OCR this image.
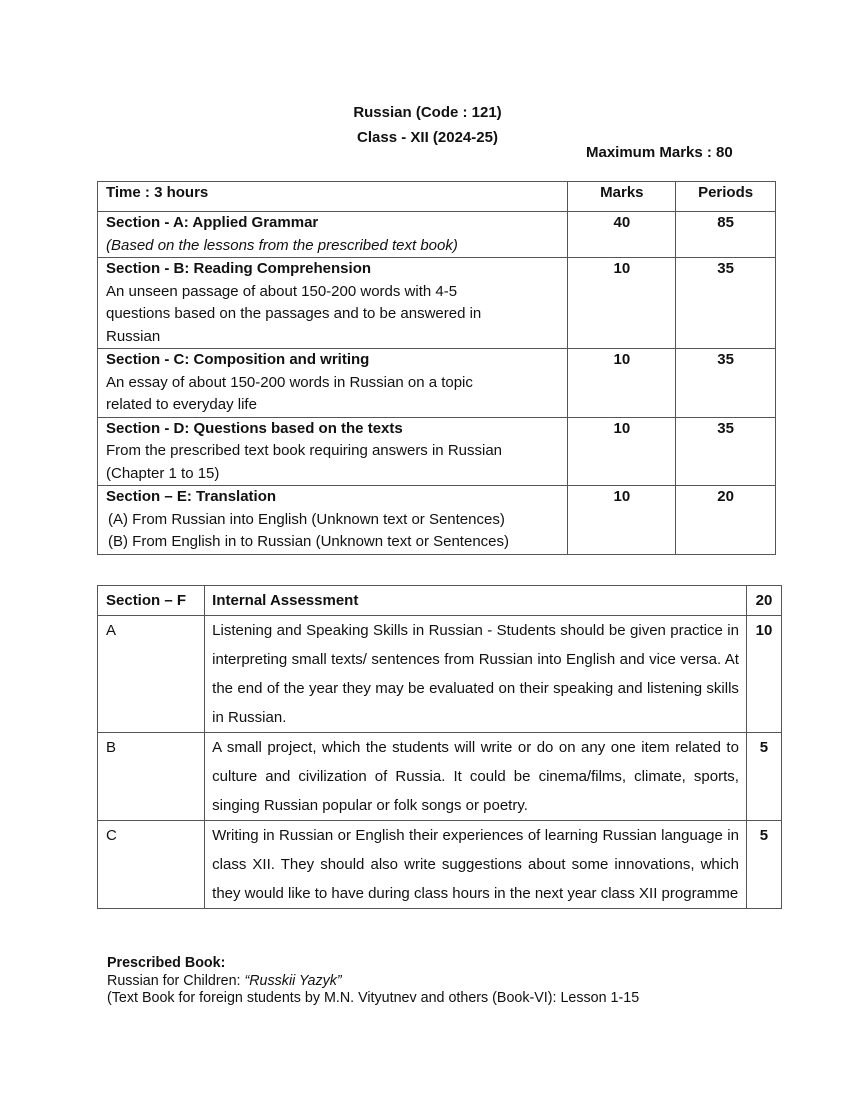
Russian (Code : 121)
Class - XII (2024-25)
Maximum Marks : 80
Time : 3 hours	Marks	Periods

Section - A: Applied Grammar
(Based on the lessons from the prescribed text book)	40	85

Section - B: Reading Comprehension
An unseen passage of about 150-200 words with 4-5
questions based on the passages and to be answered in
Russian	10	35

Section - C: Composition and writing
An essay of about 150-200 words in Russian on a topic
related to everyday life	10	35

Section - D: Questions based on the texts
From the prescribed text book requiring answers in Russian
(Chapter 1 to 15)	10	35

Section – E: Translation
(A) From Russian into English (Unknown text or Sentences)
(B) From English in to Russian (Unknown text or Sentences)	10	20
Section – F	Internal Assessment	20
A	Listening and Speaking Skills in Russian - Students should be given practice in interpreting small texts/ sentences from Russian into English and vice versa. At the end of the year they may be evaluated on their speaking and listening skills in Russian.	10
B	A small project, which the students will write or do on any one item related to culture and civilization of Russia. It could be cinema/films, climate, sports, singing Russian popular or folk songs or poetry.	5
C	Writing in Russian or English their experiences of learning Russian language in class XII. They should also write suggestions about some innovations, which they would like to have during class hours in the next year class XII programme	5
Prescribed Book:
Russian for Children: “Russkii Yazyk”
(Text Book for foreign students by M.N. Vityutnev and others (Book-VI): Lesson 1-15
